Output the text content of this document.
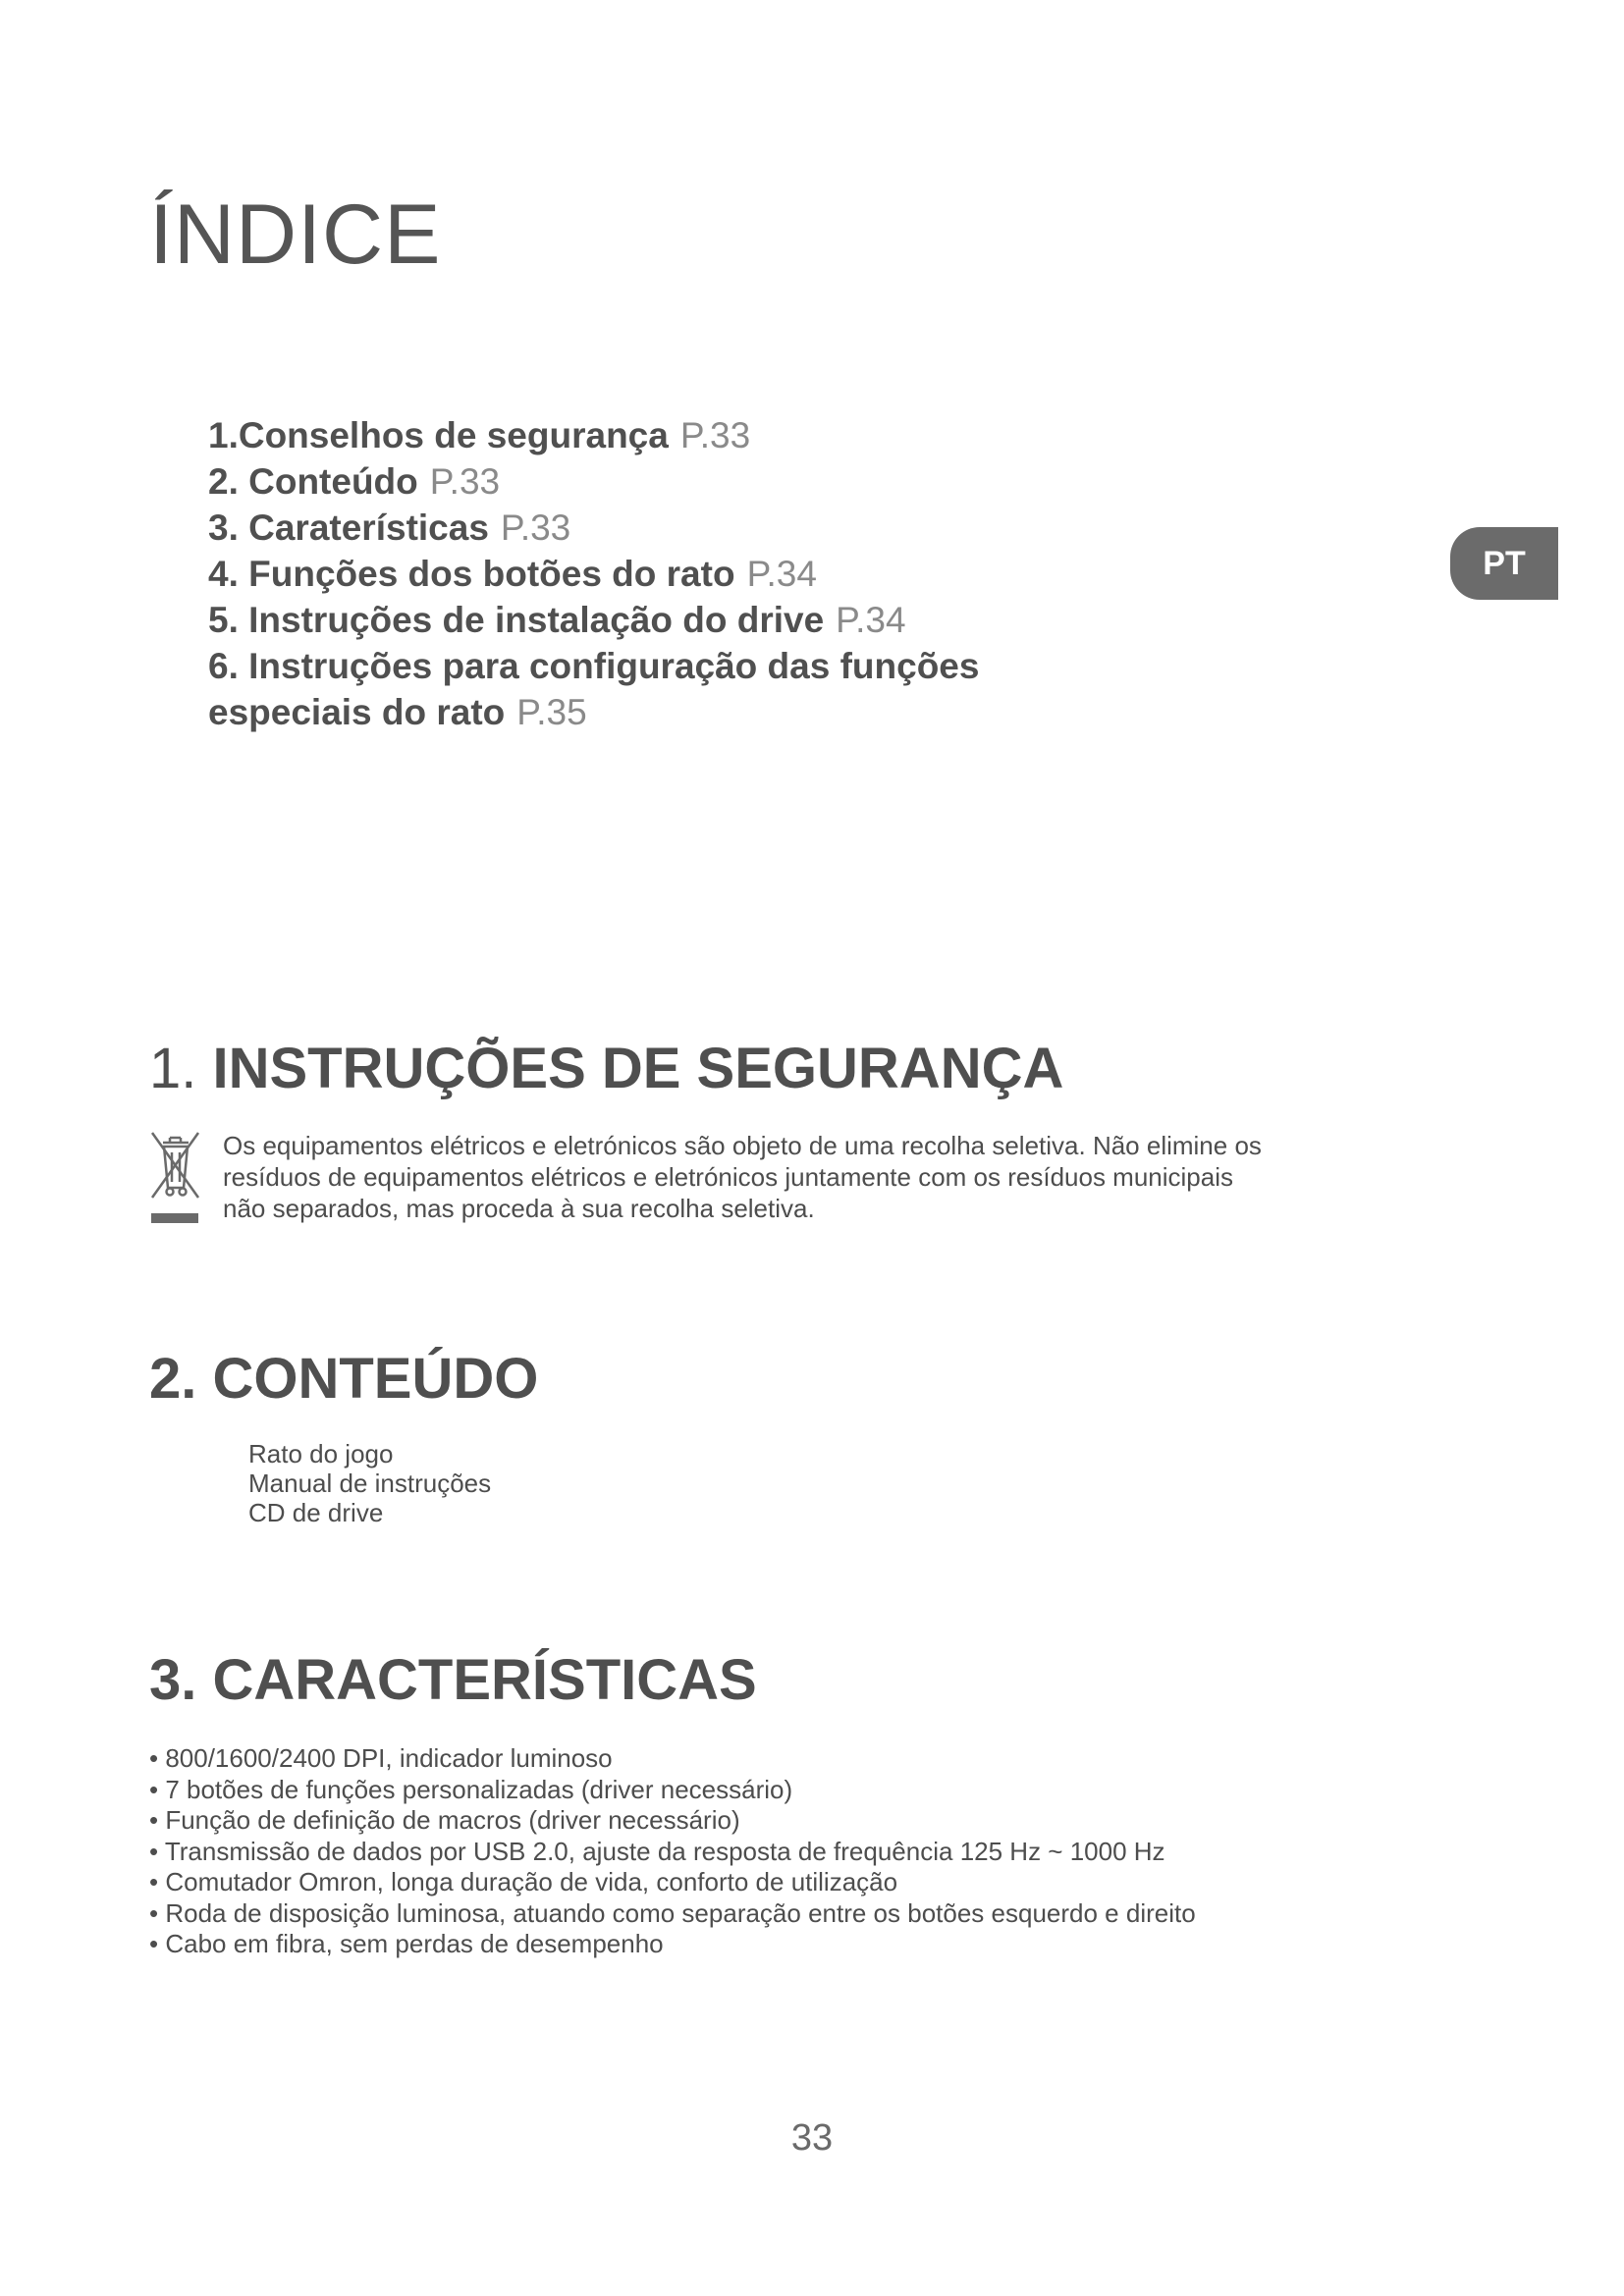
ÍNDICE
1.Conselhos de segurança P.33
2. Conteúdo P.33
3. Caraterísticas P.33
4. Funções dos botões do rato P.34
5. Instruções de instalação do drive P.34
6. Instruções para configuração das funções
especiais do rato P.35
PT
1. INSTRUÇÕES DE SEGURANÇA
Os equipamentos elétricos e eletrónicos são objeto de uma recolha seletiva. Não elimine os
resíduos de equipamentos elétricos e eletrónicos juntamente com os resíduos municipais
não separados, mas proceda à sua recolha seletiva.
2. CONTEÚDO
Rato do jogo
Manual de instruções
CD de drive
3. CARACTERÍSTICAS
• 800/1600/2400 DPI, indicador luminoso
• 7 botões de funções personalizadas (driver necessário)
• Função de definição de macros (driver necessário)
• Transmissão de dados por USB 2.0, ajuste da resposta de frequência 125 Hz ~ 1000 Hz
• Comutador Omron, longa duração de vida, conforto de utilização
• Roda de disposição luminosa, atuando como separação entre os botões esquerdo e direito
• Cabo em fibra, sem perdas de desempenho
33
